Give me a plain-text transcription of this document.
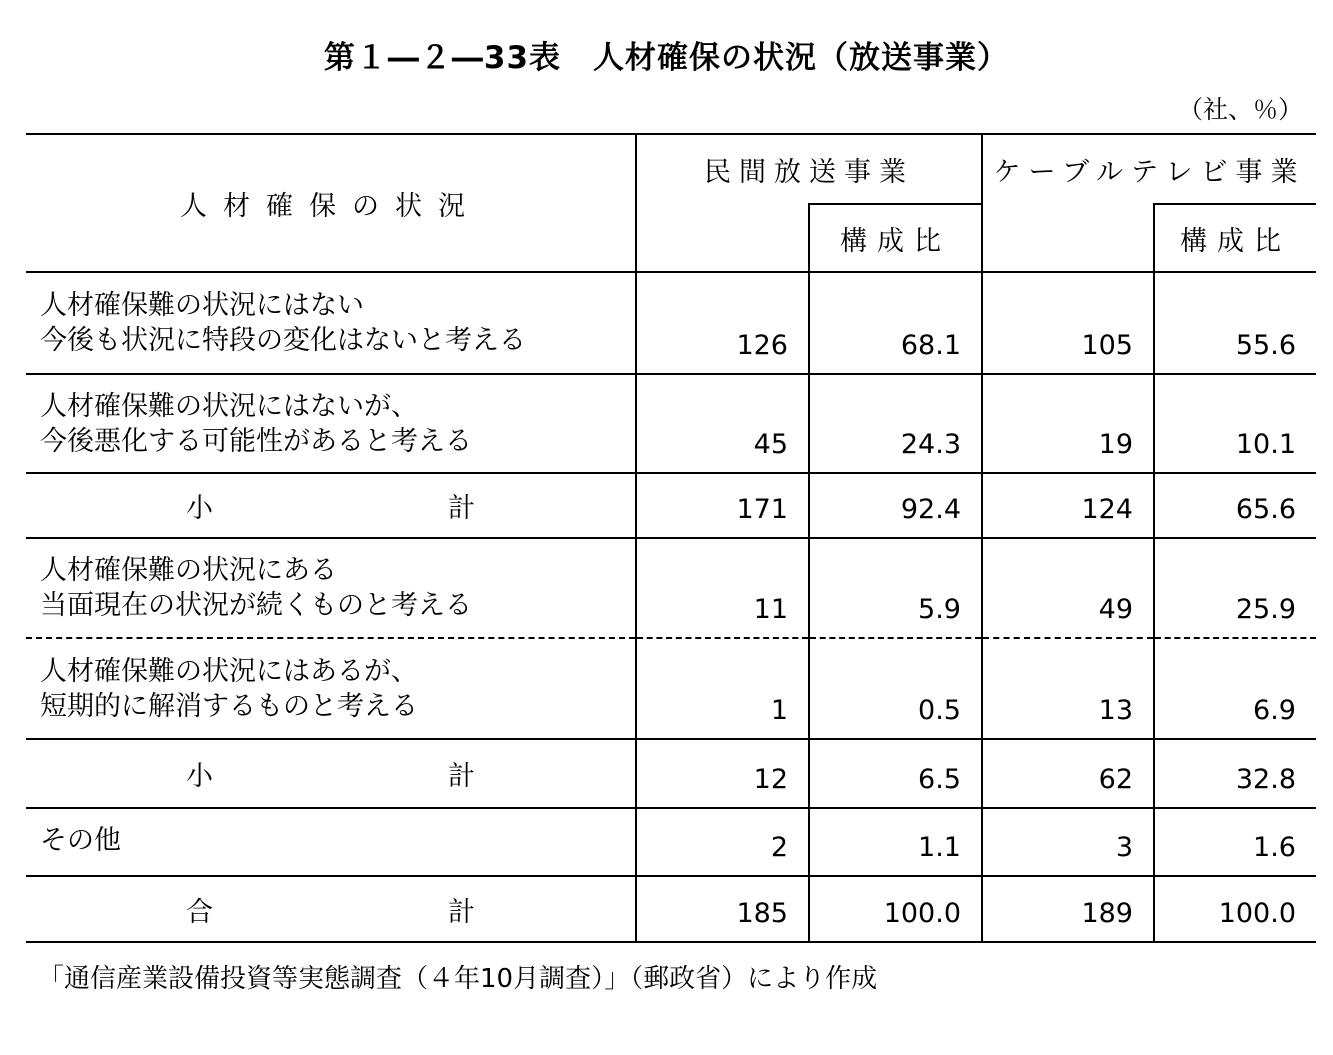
第１―２―33表　人材確保の状況（放送事業）
（社、％）
人材確保の状況	民間放送事業		ケーブルテレビ事業	
		構成比		構成比

人材確保難の状況にはない
今後も状況に特段の変化はないと考える	126	68.1	105	55.6

人材確保難の状況にはないが、
今後悪化する可能性があると考える	45	24.3	19	10.1

小 計	171	92.4	124	65.6

人材確保難の状況にある
当面現在の状況が続くものと考える	11	5.9	49	25.9

人材確保難の状況にはあるが、
短期的に解消するものと考える	1	0.5	13	6.9

小 計	12	6.5	62	32.8
その他	2	1.1	3	1.6

合 計	185	100.0	189	100.0
「通信産業設備投資等実態調査（４年10月調査）」（郵政省）により作成
